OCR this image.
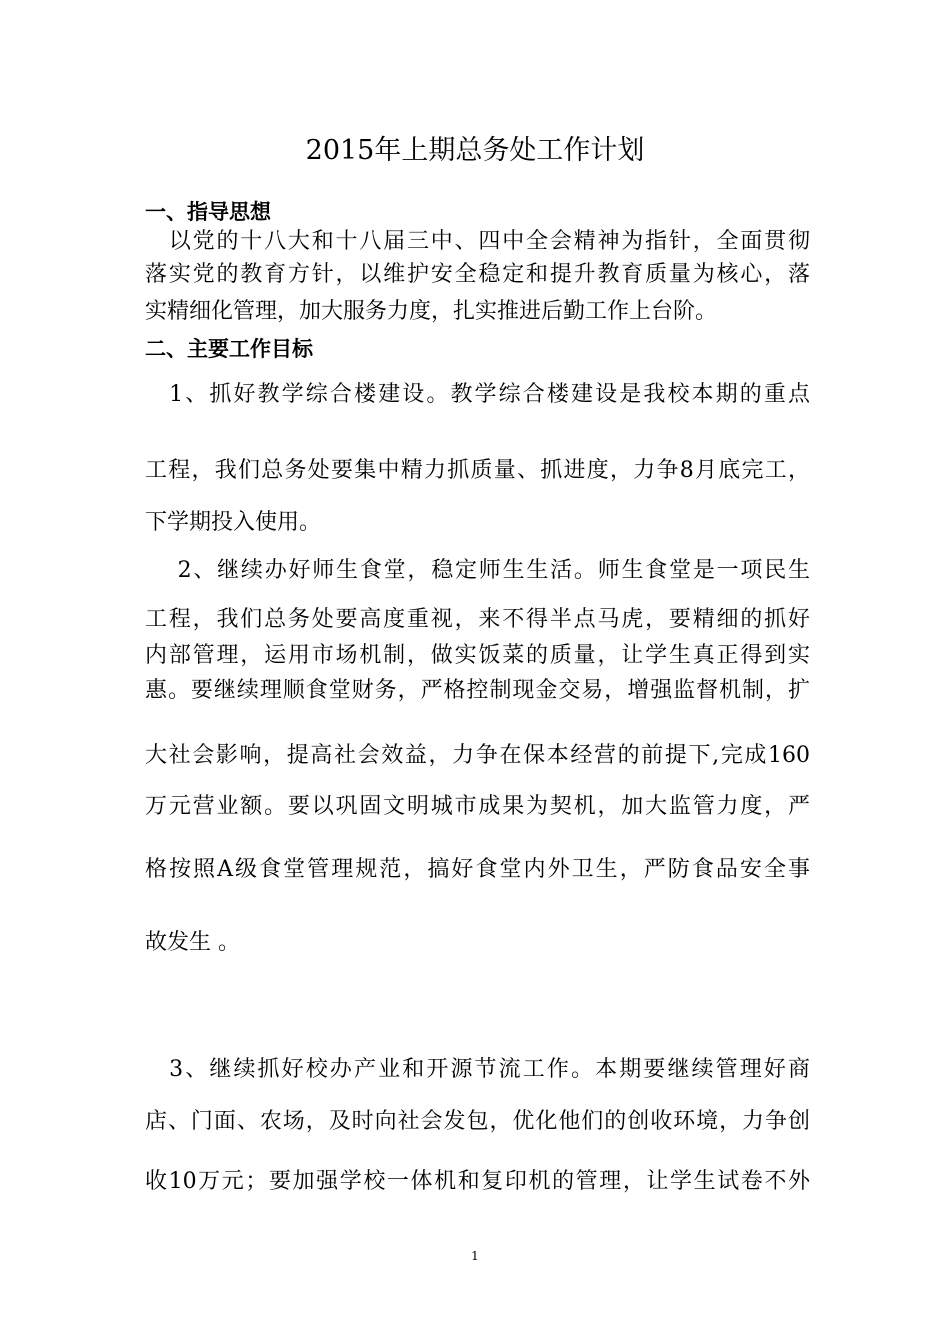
2015年上期总务处工作计划
一、指导思想
　以党的十八大和十八届三中、四中全会精神为指针，全面贯彻
落实党的教育方针，以维护安全稳定和提升教育质量为核心，落
实精细化管理，加大服务力度，扎实推进后勤工作上台阶。
二、主要工作目标
　1、抓好教学综合楼建设。教学综合楼建设是我校本期的重点
工程，我们总务处要集中精力抓质量、抓进度，力争8月底完工，
下学期投入使用。
　 2、继续办好师生食堂，稳定师生生活。师生食堂是一项民生
工程，我们总务处要高度重视，来不得半点马虎，要精细的抓好
内部管理，运用市场机制，做实饭菜的质量，让学生真正得到实
惠。要继续理顺食堂财务，严格控制现金交易，增强监督机制，扩
大社会影响，提高社会效益，力争在保本经营的前提下,完成160
万元营业额。要以巩固文明城市成果为契机，加大监管力度，严
格按照A级食堂管理规范，搞好食堂内外卫生，严防食品安全事
故发生 。
　3、继续抓好校办产业和开源节流工作。本期要继续管理好商
店、门面、农场，及时向社会发包，优化他们的创收环境，力争创
收10万元；要加强学校一体机和复印机的管理，让学生试卷不外
1
